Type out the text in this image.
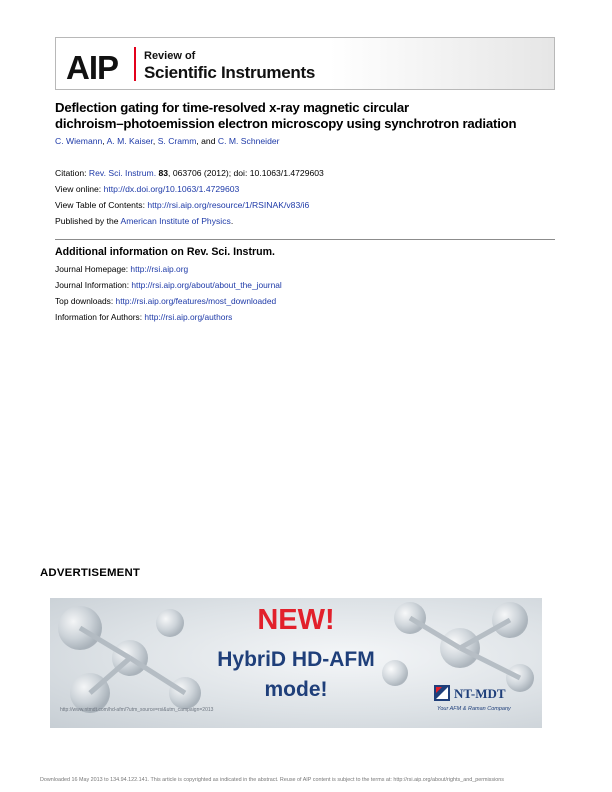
AIP Review of
Scientific Instruments
Deflection gating for time-resolved x-ray magnetic circular
dichroism–photoemission electron microscopy using synchrotron radiation
C. Wiemann, A. M. Kaiser, S. Cramm, and C. M. Schneider
Citation: Rev. Sci. Instrum. 83, 063706 (2012); doi: 10.1063/1.4729603
View online: http://dx.doi.org/10.1063/1.4729603
View Table of Contents: http://rsi.aip.org/resource/1/RSINAK/v83/i6
Published by the American Institute of Physics.
Additional information on Rev. Sci. Instrum.
Journal Homepage: http://rsi.aip.org
Journal Information: http://rsi.aip.org/about/about_the_journal
Top downloads: http://rsi.aip.org/features/most_downloaded
Information for Authors: http://rsi.aip.org/authors
ADVERTISEMENT
NEW!
HybriD HD-AFM
mode!
http://www.ntmdt.com/hd-afm/?utm_source=rsi&utm_campaign=2013
NT-MDT
Your AFM & Raman Company
Downloaded 16 May 2013 to 134.94.122.141. This article is copyrighted as indicated in the abstract. Reuse of AIP content is subject to the terms at: http://rsi.aip.org/about/rights_and_permissions
